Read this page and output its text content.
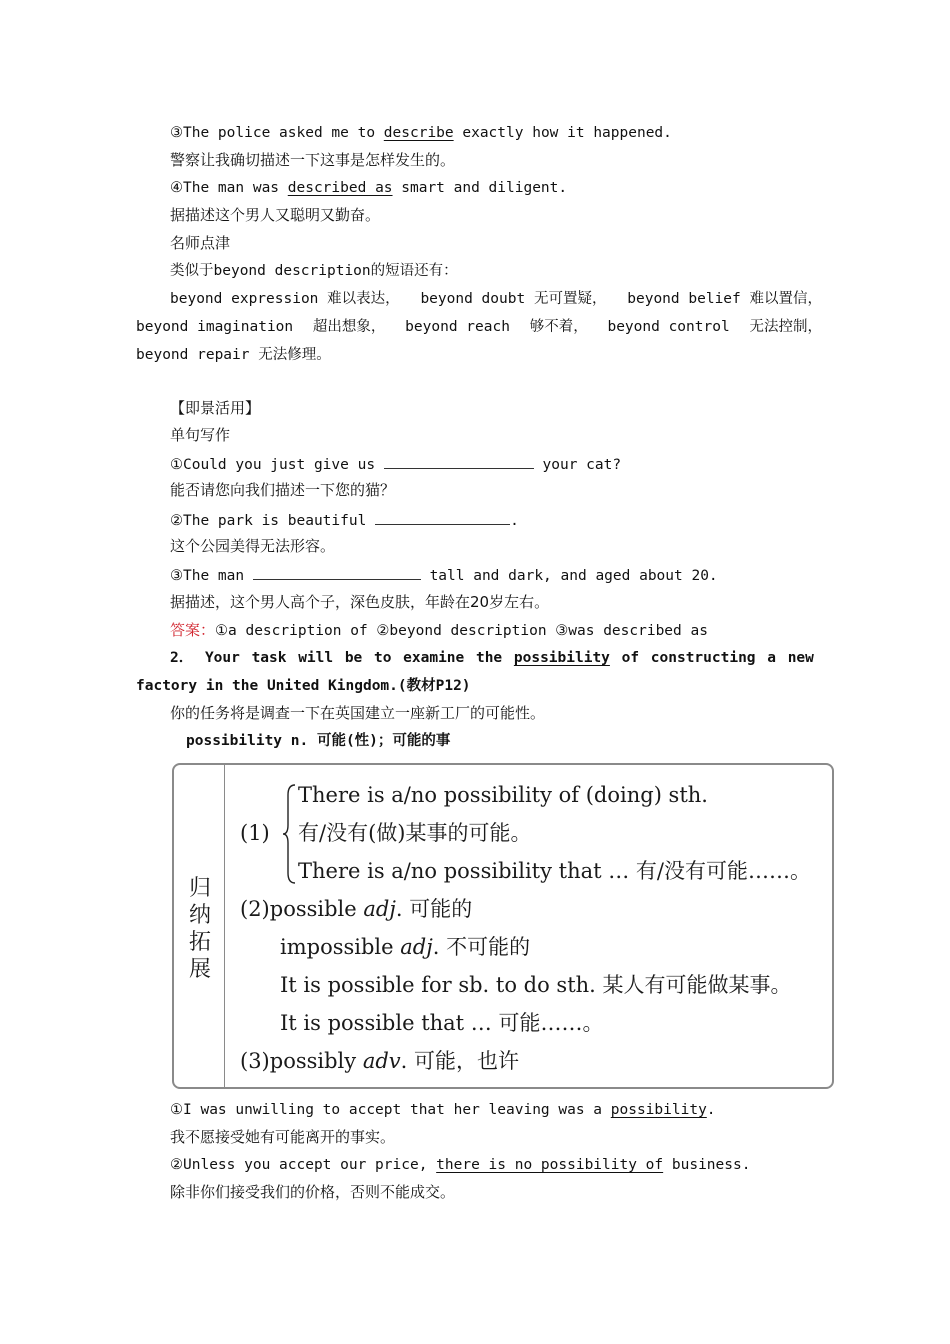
③The police asked me to describe exactly how it happened.
警察让我确切描述一下这事是怎样发生的。
④The man was described as smart and diligent.
据描述这个男人又聪明又勤奋。
名师点津
类似于beyond description的短语还有：
beyond expression 难以表达， beyond doubt 无可置疑， beyond belief 难以置信，
beyond imagination 超出想象， beyond reach 够不着， beyond control 无法控制，
beyond repair 无法修理。
【即景活用】
单句写作
①Could you just give us	your cat?
能否请您向我们描述一下您的猫？
②The park is beautiful	.
这个公园美得无法形容。
③The man	tall and dark, and aged about 20.
据描述，这个男人高个子，深色皮肤，年龄在20岁左右。
答案：①a description of ②beyond description ③was described as
2． Your task will be to examine the possibility of constructing a new
factory in the United Kingdom.(教材P12)
你的任务将是调查一下在英国建立一座新工厂的可能性。
possibility n. 可能(性)；可能的事
归
纳
拓
展
(1)
There is a/no possibility of (doing) sth.
有/没有(做)某事的可能。
There is a/no possibility that … 有/没有可能……。
(2)possible adj. 可能的
impossible adj. 不可能的
It is possible for sb. to do sth. 某人有可能做某事。
It is possible that … 可能……。
(3)possibly adv. 可能，也许
①I was unwilling to accept that her leaving was a possibility.
我不愿接受她有可能离开的事实。
②Unless you accept our price, there is no possibility of business.
除非你们接受我们的价格，否则不能成交。
